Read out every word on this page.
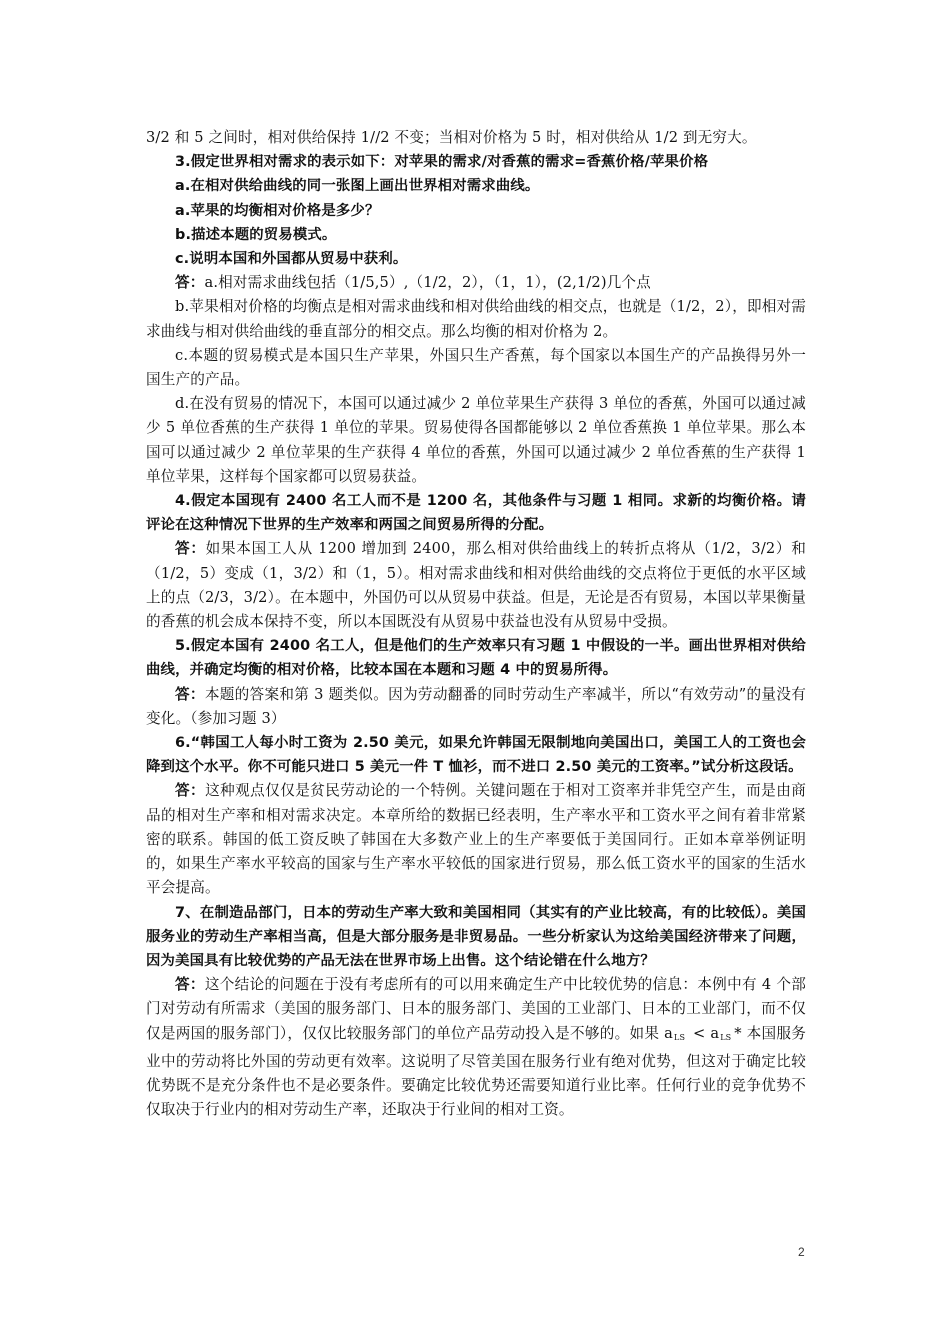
3/2 和 5 之间时，相对供给保持 1//2 不变；当相对价格为 5 时，相对供给从 1/2 到无穷大。

3.假定世界相对需求的表示如下：对苹果的需求/对香蕉的需求=香蕉价格/苹果价格

a.在相对供给曲线的同一张图上画出世界相对需求曲线。

a.苹果的均衡相对价格是多少？

b.描述本题的贸易模式。

c.说明本国和外国都从贸易中获利。

答：a.相对需求曲线包括（1/5,5）,（1/2，2），（1，1），(2,1/2)几个点

b.苹果相对价格的均衡点是相对需求曲线和相对供给曲线的相交点，也就是（1/2，2），即相对需求曲线与相对供给曲线的垂直部分的相交点。那么均衡的相对价格为 2。

c.本题的贸易模式是本国只生产苹果，外国只生产香蕉，每个国家以本国生产的产品换得另外一国生产的产品。

d.在没有贸易的情况下，本国可以通过减少 2 单位苹果生产获得 3 单位的香蕉，外国可以通过减少 5 单位香蕉的生产获得 1 单位的苹果。贸易使得各国都能够以 2 单位香蕉换 1 单位苹果。那么本国可以通过减少 2 单位苹果的生产获得 4 单位的香蕉，外国可以通过减少 2 单位香蕉的生产获得 1 单位苹果，这样每个国家都可以贸易获益。

4.假定本国现有 2400 名工人而不是 1200 名，其他条件与习题 1 相同。求新的均衡价格。请评论在这种情况下世界的生产效率和两国之间贸易所得的分配。

答：如果本国工人从 1200 增加到 2400，那么相对供给曲线上的转折点将从（1/2，3/2）和（1/2，5）变成（1，3/2）和（1，5）。相对需求曲线和相对供给曲线的交点将位于更低的水平区域上的点（2/3，3/2）。在本题中，外国仍可以从贸易中获益。但是，无论是否有贸易，本国以苹果衡量的香蕉的机会成本保持不变，所以本国既没有从贸易中获益也没有从贸易中受损。

5.假定本国有 2400 名工人，但是他们的生产效率只有习题 1 中假设的一半。画出世界相对供给曲线，并确定均衡的相对价格，比较本国在本题和习题 4 中的贸易所得。

答：本题的答案和第 3 题类似。因为劳动翻番的同时劳动生产率减半，所以“有效劳动”的量没有变化。（参加习题 3）

6.“韩国工人每小时工资为 2.50 美元，如果允许韩国无限制地向美国出口，美国工人的工资也会降到这个水平。你不可能只进口 5 美元一件 T 恤衫，而不进口 2.50 美元的工资率。”试分析这段话。

答：这种观点仅仅是贫民劳动论的一个特例。关键问题在于相对工资率并非凭空产生，而是由商品的相对生产率和相对需求决定。本章所给的数据已经表明，生产率水平和工资水平之间有着非常紧密的联系。韩国的低工资反映了韩国在大多数产业上的生产率要低于美国同行。正如本章举例证明的，如果生产率水平较高的国家与生产率水平较低的国家进行贸易，那么低工资水平的国家的生活水平会提高。

7、在制造品部门，日本的劳动生产率大致和美国相同（其实有的产业比较高，有的比较低）。美国服务业的劳动生产率相当高，但是大部分服务是非贸易品。一些分析家认为这给美国经济带来了问题，因为美国具有比较优势的产品无法在世界市场上出售。这个结论错在什么地方？

答：这个结论的问题在于没有考虑所有的可以用来确定生产中比较优势的信息：本例中有 4 个部门对劳动有所需求（美国的服务部门、日本的服务部门、美国的工业部门、日本的工业部门，而不仅仅是两国的服务部门），仅仅比较服务部门的单位产品劳动投入是不够的。如果 $a_{LS} < a_{LS}$ * 本国服务业中的劳动将比外国的劳动更有效率。这说明了尽管美国在服务行业有绝对优势，但这对于确定比较优势既不是充分条件也不是必要条件。要确定比较优势还需要知道行业比率。任何行业的竞争优势不仅取决于行业内的相对劳动生产率，还取决于行业间的相对工资。

2
